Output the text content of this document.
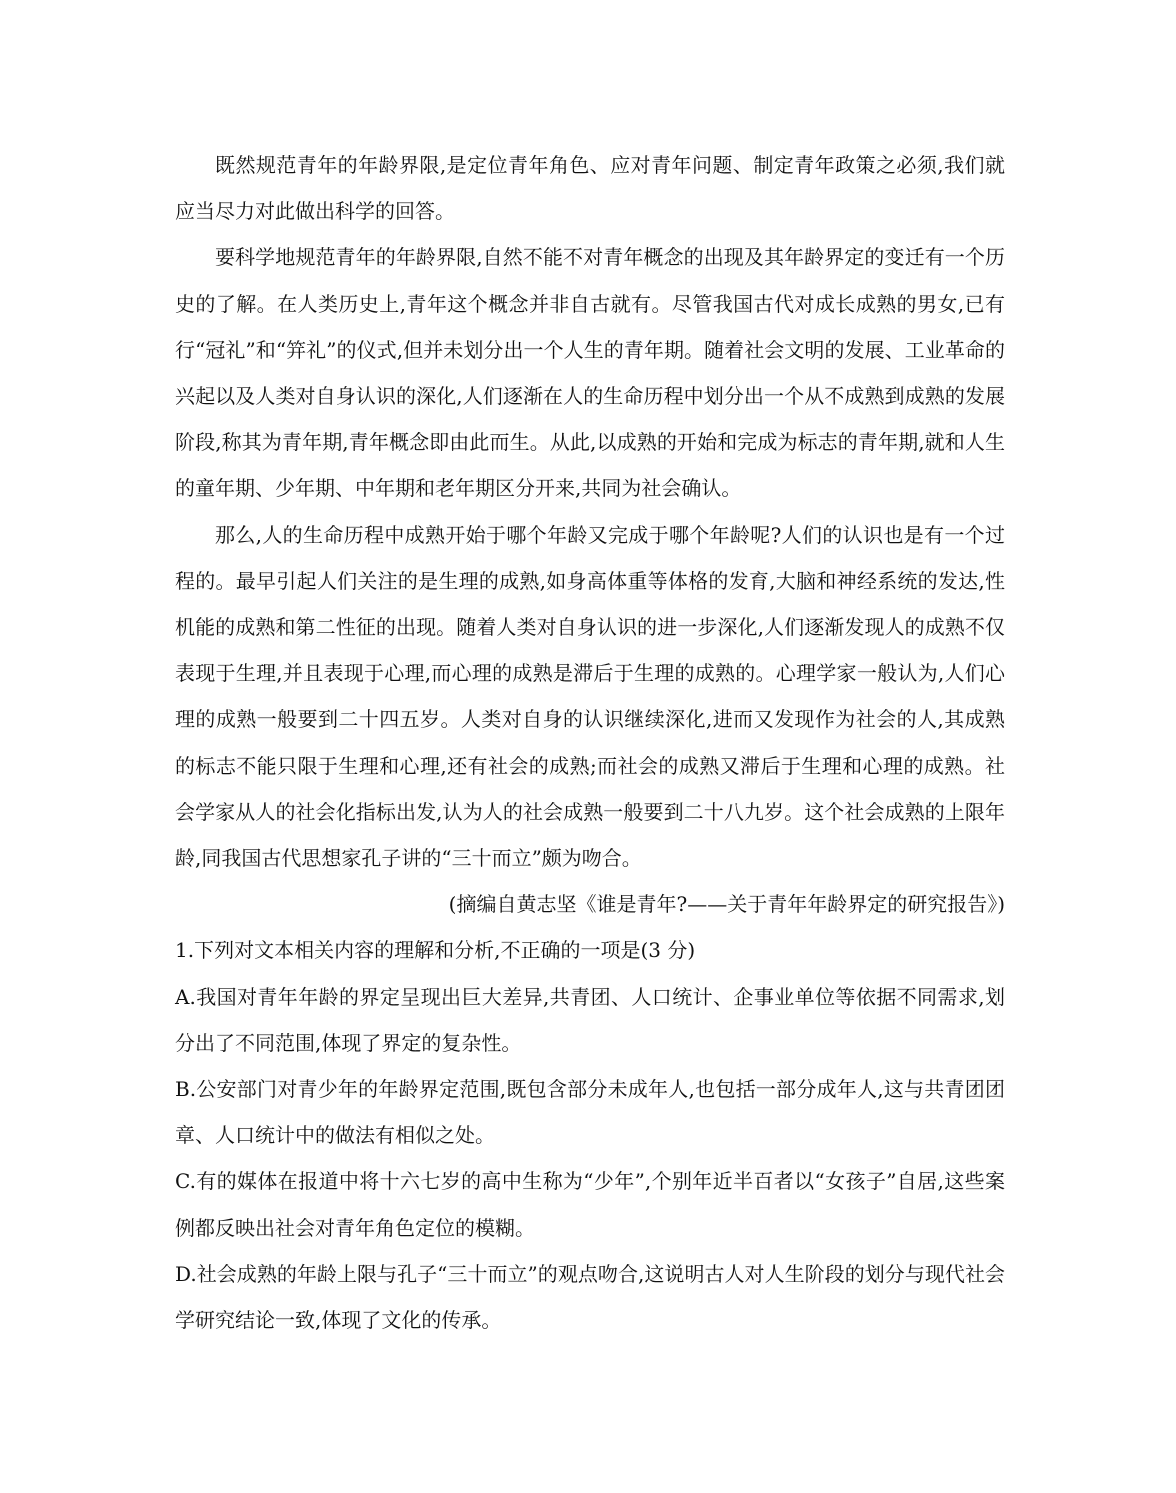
既然规范青年的年龄界限,是定位青年角色、应对青年问题、制定青年政策之必须,我们就应当尽力对此做出科学的回答。

要科学地规范青年的年龄界限,自然不能不对青年概念的出现及其年龄界定的变迁有一个历史的了解。在人类历史上,青年这个概念并非自古就有。尽管我国古代对成长成熟的男女,已有行“冠礼”和“笄礼”的仪式,但并未划分出一个人生的青年期。随着社会文明的发展、工业革命的兴起以及人类对自身认识的深化,人们逐渐在人的生命历程中划分出一个从不成熟到成熟的发展阶段,称其为青年期,青年概念即由此而生。从此,以成熟的开始和完成为标志的青年期,就和人生的童年期、少年期、中年期和老年期区分开来,共同为社会确认。

那么,人的生命历程中成熟开始于哪个年龄又完成于哪个年龄呢?人们的认识也是有一个过程的。最早引起人们关注的是生理的成熟,如身高体重等体格的发育,大脑和神经系统的发达,性机能的成熟和第二性征的出现。随着人类对自身认识的进一步深化,人们逐渐发现人的成熟不仅表现于生理,并且表现于心理,而心理的成熟是滞后于生理的成熟的。心理学家一般认为,人们心理的成熟一般要到二十四五岁。人类对自身的认识继续深化,进而又发现作为社会的人,其成熟的标志不能只限于生理和心理,还有社会的成熟;而社会的成熟又滞后于生理和心理的成熟。社会学家从人的社会化指标出发,认为人的社会成熟一般要到二十八九岁。这个社会成熟的上限年龄,同我国古代思想家孔子讲的“三十而立”颇为吻合。

(摘编自黄志坚《谁是青年?——关于青年年龄界定的研究报告》)

1.下列对文本相关内容的理解和分析,不正确的一项是(3 分)

A.我国对青年年龄的界定呈现出巨大差异,共青团、人口统计、企事业单位等依据不同需求,划分出了不同范围,体现了界定的复杂性。

B.公安部门对青少年的年龄界定范围,既包含部分未成年人,也包括一部分成年人,这与共青团团章、人口统计中的做法有相似之处。

C.有的媒体在报道中将十六七岁的高中生称为“少年”,个别年近半百者以“女孩子”自居,这些案例都反映出社会对青年角色定位的模糊。

D.社会成熟的年龄上限与孔子“三十而立”的观点吻合,这说明古人对人生阶段的划分与现代社会学研究结论一致,体现了文化的传承。
